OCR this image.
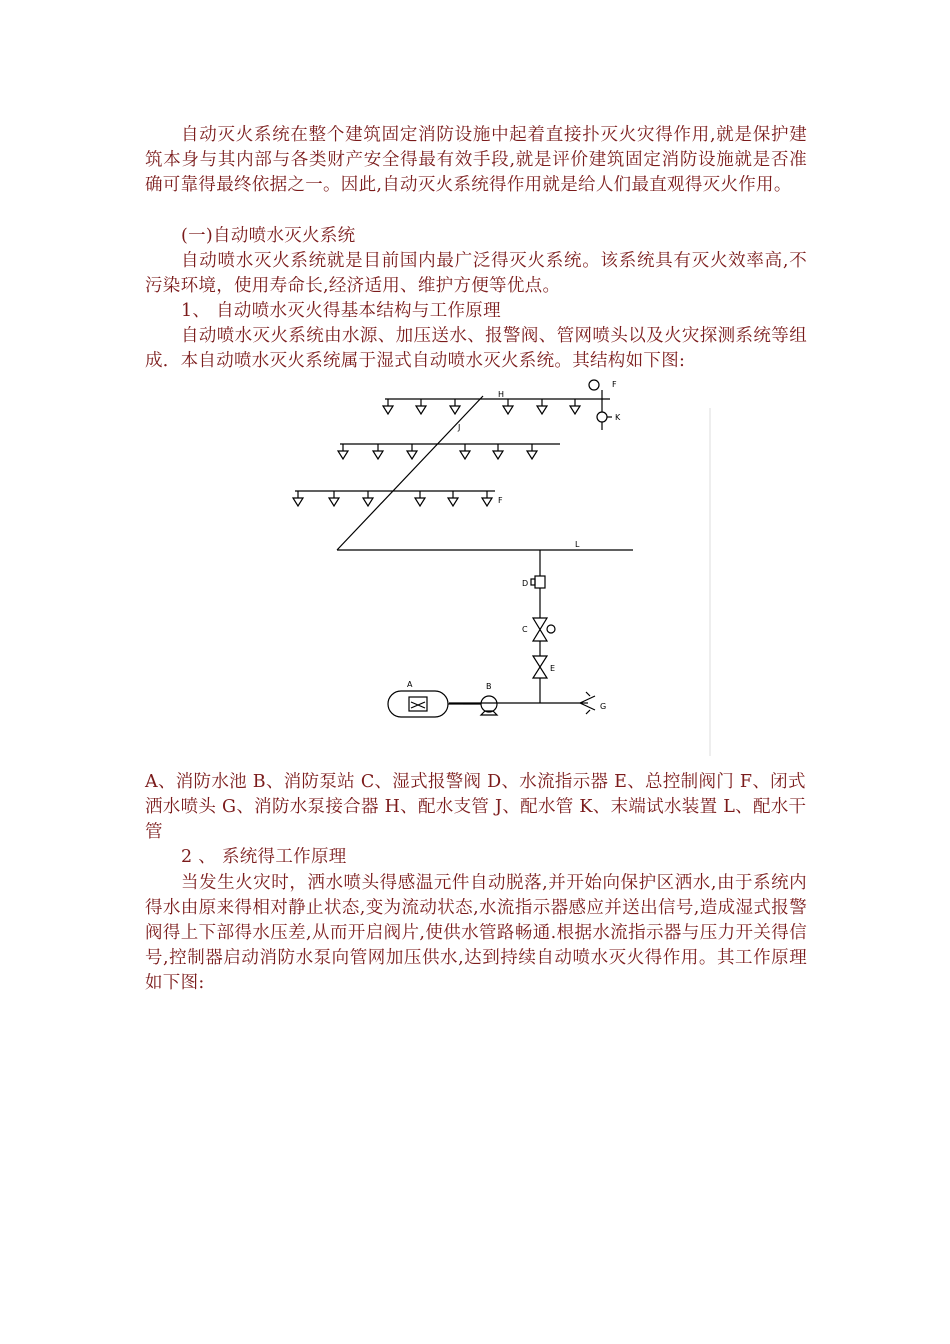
自动灭火系统在整个建筑固定消防设施中起着直接扑灭火灾得作用,就是保护建筑本身与其内部与各类财产安全得最有效手段,就是评价建筑固定消防设施就是否准确可靠得最终依据之一。因此,自动灭火系统得作用就是给人们最直观得灭火作用。

(一)自动喷水灭火系统

自动喷水灭火系统就是目前国内最广泛得灭火系统。该系统具有灭火效率高,不污染环境，使用寿命长,经济适用、维护方便等优点。

1、 自动喷水灭火得基本结构与工作原理

自动喷水灭火系统由水源、加压送水、报警阀、管网喷头以及火灾探测系统等组成．本自动喷水灭火系统属于湿式自动喷水灭火系统。其结构如下图:

H
F
K
J
F
L
D
C
E
A	B
G

A、消防水池 B、消防泵站 C、湿式报警阀 D、水流指示器 E、总控制阀门 F、闭式洒水喷头 G、消防水泵接合器 H、配水支管 J、配水管 K、末端试水装置 L、配水干管

2 、 系统得工作原理

当发生火灾时，洒水喷头得感温元件自动脱落,并开始向保护区洒水,由于系统内得水由原来得相对静止状态,变为流动状态,水流指示器感应并送出信号,造成湿式报警阀得上下部得水压差,从而开启阀片,使供水管路畅通.根据水流指示器与压力开关得信号,控制器启动消防水泵向管网加压供水,达到持续自动喷水灭火得作用。其工作原理如下图:
